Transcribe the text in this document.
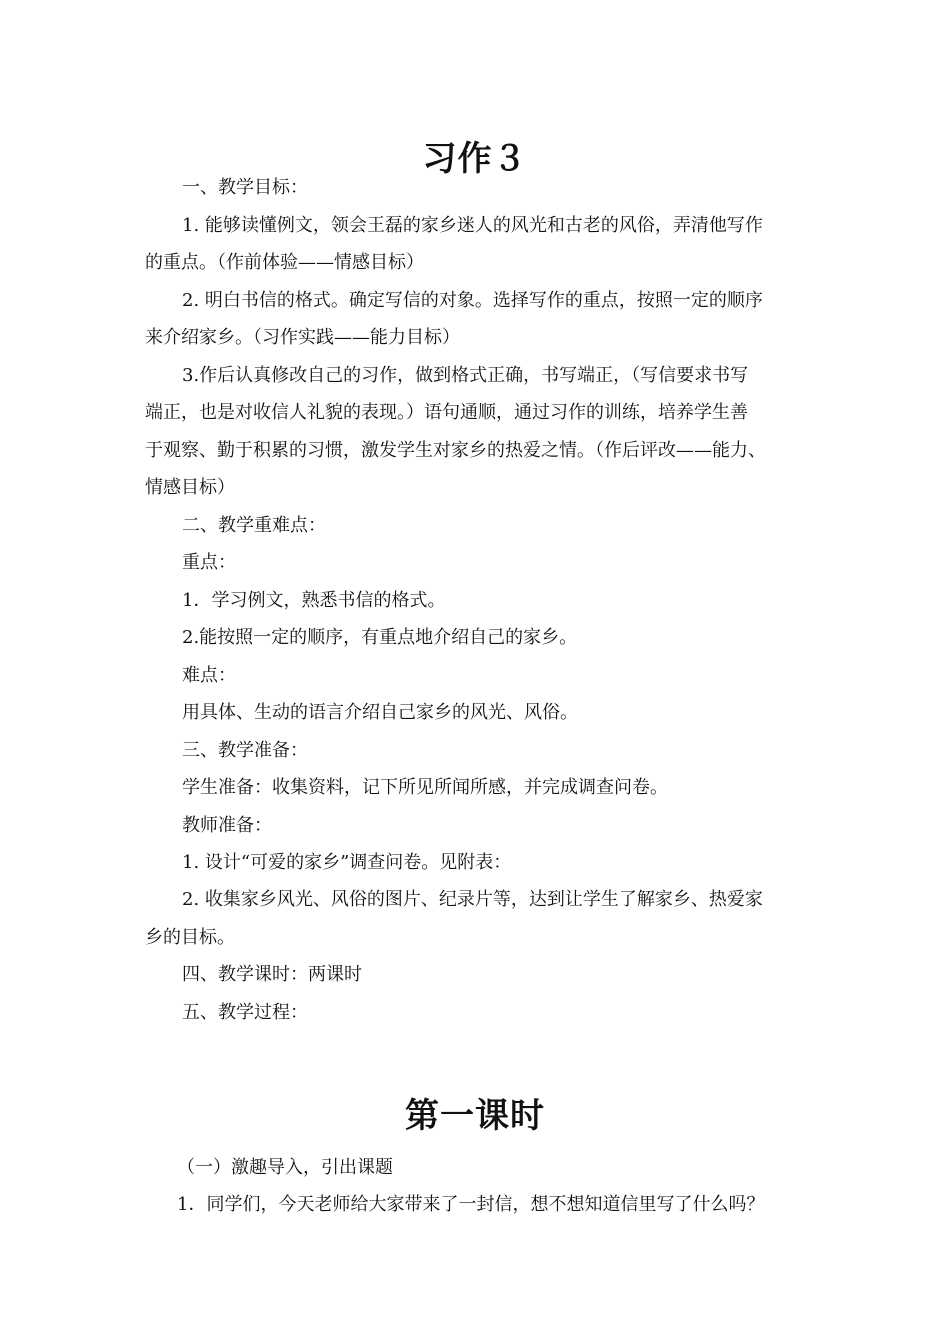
习作３

一、教学目标：

1. 能够读懂例文，领会王磊的家乡迷人的风光和古老的风俗，弄清他写作

的重点。（作前体验——情感目标）

2. 明白书信的格式。确定写信的对象。选择写作的重点，按照一定的顺序

来介绍家乡。（习作实践——能力目标）

3.作后认真修改自己的习作，做到格式正确，书写端正，（写信要求书写

端正，也是对收信人礼貌的表现。）语句通顺，通过习作的训练，培养学生善

于观察、勤于积累的习惯，激发学生对家乡的热爱之情。（作后评改——能力、

情感目标）

二、教学重难点：

重点：

1．学习例文，熟悉书信的格式。

2.能按照一定的顺序，有重点地介绍自己的家乡。

难点：

用具体、生动的语言介绍自己家乡的风光、风俗。

三、教学准备：

学生准备：收集资料，记下所见所闻所感，并完成调查问卷。

教师准备：

1. 设计“可爱的家乡”调查问卷。见附表：

2. 收集家乡风光、风俗的图片、纪录片等，达到让学生了解家乡、热爱家

乡的目标。

四、教学课时：两课时

五、教学过程：

第一课时

（一）激趣导入，引出课题

1．同学们，今天老师给大家带来了一封信，想不想知道信里写了什么吗？
